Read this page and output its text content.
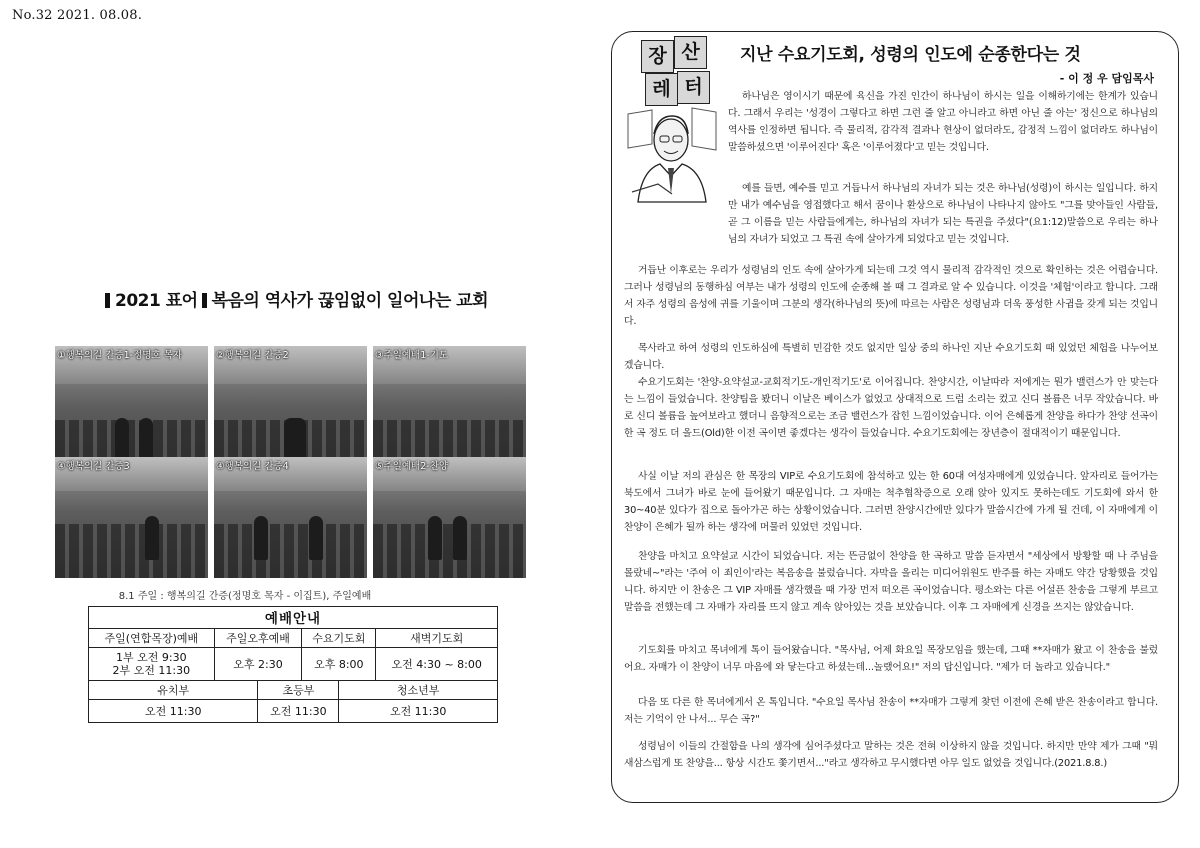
No.32 2021. 08.08.
2021 표어 복음의 역사가 끊임없이 일어나는 교회
①행복의길 간증1-정명호 목자	②행복의길 간증2	③주일예배1-기도
④행복의길 간증3	④행복의길 간증4	⑤주일예배2-찬양
8.1 주일 : 행복의길 간증(정명호 목자 - 이집트), 주일예배
예배안내					
주일(연합목장)예배	주일오후예배		수요기도회		새벽기도회
1부 오전 9:30
2부 오전 11:30	오후 2:30		오후 8:00		오전 4:30 ~ 8:00
유치부		초등부		청소년부	
오전 11:30		오전 11:30		오전 11:30	
장 산
레 터
지난 수요기도회, 성령의 인도에 순종한다는 것
- 이 정 우 담임목사

하나님은 영이시기 때문에 육신을 가진 인간이 하나님이 하시는 일을 이해하기에는 한계가 있습니다. 그래서 우리는 '성경이 그렇다고 하면 그런 줄 알고 아니라고 하면 아닌 줄 아는' 정신으로 하나님의 역사를 인정하면 됩니다. 즉 물리적, 감각적 결과나 현상이 없더라도, 감정적 느낌이 없더라도 하나님이 말씀하셨으면 '이루어진다' 혹은 '이루어졌다'고 믿는 것입니다.

예를 들면, 예수를 믿고 거듭나서 하나님의 자녀가 되는 것은 하나님(성령)이 하시는 일입니다. 하지만 내가 예수님을 영접했다고 해서 꿈이나 환상으로 하나님이 나타나지 않아도 "그를 맞아들인 사람들, 곧 그 이름을 믿는 사람들에게는, 하나님의 자녀가 되는 특권을 주셨다"(요1:12)말씀으로 우리는 하나님의 자녀가 되었고 그 특권 속에 살아가게 되었다고 믿는 것입니다.

거듭난 이후로는 우리가 성령님의 인도 속에 살아가게 되는데 그것 역시 물리적 감각적인 것으로 확인하는 것은 어렵습니다. 그러나 성령님의 동행하심 여부는 내가 성령의 인도에 순종해 볼 때 그 결과로 알 수 있습니다. 이것을 '체험'이라고 합니다. 그래서 자주 성령의 음성에 귀를 기울이며 그분의 생각(하나님의 뜻)에 따르는 사람은 성령님과 더욱 풍성한 사귐을 갖게 되는 것입니다.

목사라고 하여 성령의 인도하심에 특별히 민감한 것도 없지만 일상 중의 하나인 지난 수요기도회 때 있었던 체험을 나누어보겠습니다.

수요기도회는 '찬양-요약설교-교회적기도-개인적기도'로 이어집니다. 찬양시간, 이날따라 저에게는 뭔가 밸런스가 안 맞는다는 느낌이 들었습니다. 찬양팀을 봤더니 이날은 베이스가 없었고 상대적으로 드럼 소리는 컸고 신디 볼륨은 너무 작았습니다. 바로 신디 볼륨을 높여보라고 했더니 음향적으로는 조금 밸런스가 잡힌 느낌이었습니다. 이어 은혜롭게 찬양을 하다가 찬양 선곡이 한 곡 정도 더 올드(Old)한 이전 곡이면 좋겠다는 생각이 들었습니다. 수요기도회에는 장년층이 절대적이기 때문입니다.

사실 이날 저의 관심은 한 목장의 VIP로 수요기도회에 참석하고 있는 한 60대 여성자매에게 있었습니다. 앞자리로 들어가는 북도에서 그녀가 바로 눈에 들어왔기 때문입니다. 그 자매는 척추협착증으로 오래 앉아 있지도 못하는데도 기도회에 와서 한 30~40분 있다가 집으로 돌아가곤 하는 상황이었습니다. 그러면 찬양시간에만 있다가 말씀시간에 가게 될 건데, 이 자매에게 이 찬양이 은혜가 될까 하는 생각에 머물러 있었던 것입니다.

찬양을 마치고 요약설교 시간이 되었습니다. 저는 뜬금없이 찬양을 한 곡하고 말씀 듣자면서 "세상에서 방황할 때 나 주님을 몰랐네~"라는 '주여 이 죄인이'라는 복음송을 불렀습니다. 자막을 올리는 미디어위원도 반주를 하는 자매도 약간 당황했을 것입니다. 하지만 이 찬송은 그 VIP 자매를 생각했을 때 가장 먼저 떠오른 곡이었습니다. 평소와는 다른 어설픈 찬송을 그렇게 부르고 말씀을 전했는데 그 자매가 자리를 뜨지 않고 계속 앉아있는 것을 보았습니다. 이후 그 자매에게 신경을 쓰지는 않았습니다.

기도회를 마치고 목녀에게 톡이 들어왔습니다. "목사님, 어제 화요일 목장모임을 했는데, 그때 **자매가 왔고 이 찬송을 불렀어요. 자매가 이 찬양이 너무 마음에 와 닿는다고 하셨는데...놀랬어요!" 저의 답신입니다. "제가 더 놀라고 있습니다."

다음 또 다른 한 목녀에게서 온 톡입니다. "수요일 목사님 찬송이 **자매가 그렇게 찾던 이전에 은혜 받은 찬송이라고 합니다. 저는 기억이 안 나서... 무슨 곡?"

성령님이 이들의 간절함을 나의 생각에 심어주셨다고 말하는 것은 전혀 이상하지 않을 것입니다. 하지만 만약 제가 그때 "뭐 새삼스럽게 또 찬양을... 항상 시간도 쫓기면서..."라고 생각하고 무시했다면 아무 일도 없었을 것입니다.(2021.8.8.)
